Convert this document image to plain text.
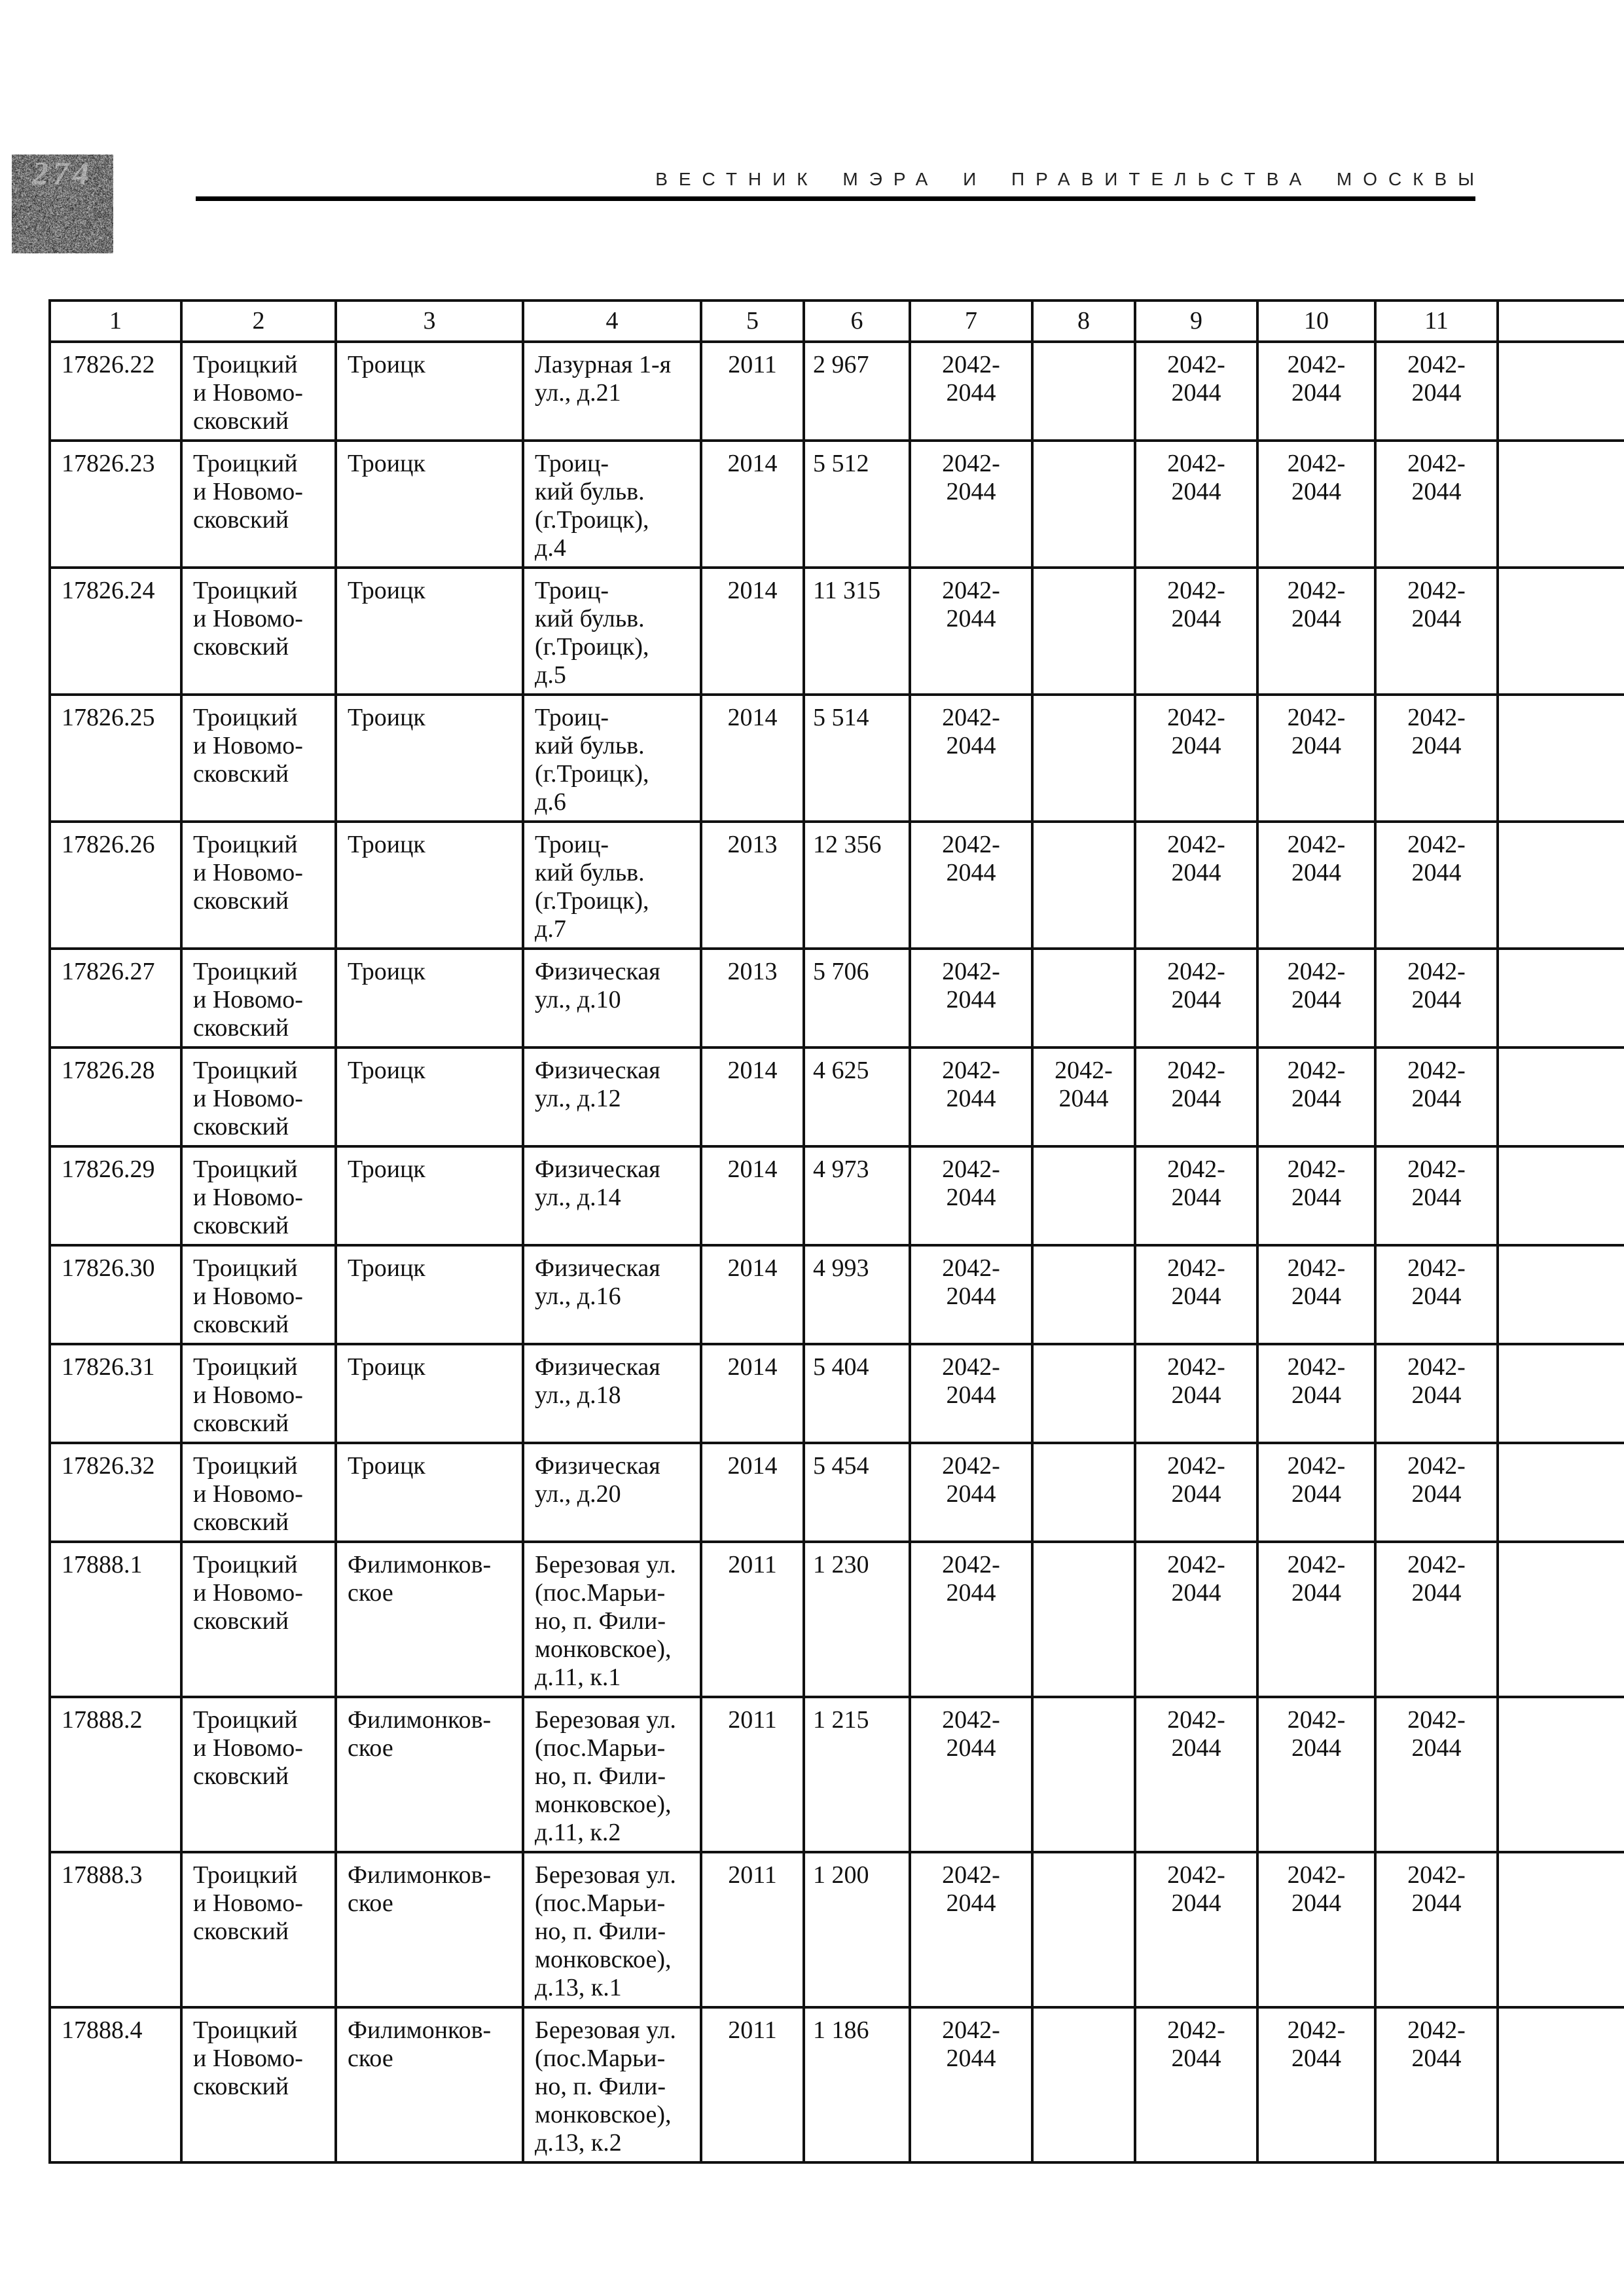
274	ВЕСТНИК МЭРА И ПРАВИТЕЛЬСТВА МОСКВЫ
1	2	3	4	5	6	7	8	9	10	11	
17826.22	Троицкий
и Новомо-
сковский	Троицк	Лазурная 1-я
ул., д.21	2011	2 967	2042-
2044		2042-
2044	2042-
2044	2042-
2044	
17826.23	Троицкий
и Новомо-
сковский	Троицк	Троиц-
кий бульв.
(г.Троицк),
д.4	2014	5 512	2042-
2044		2042-
2044	2042-
2044	2042-
2044	
17826.24	Троицкий
и Новомо-
сковский	Троицк	Троиц-
кий бульв.
(г.Троицк),
д.5	2014	11 315	2042-
2044		2042-
2044	2042-
2044	2042-
2044	
17826.25	Троицкий
и Новомо-
сковский	Троицк	Троиц-
кий бульв.
(г.Троицк),
д.6	2014	5 514	2042-
2044		2042-
2044	2042-
2044	2042-
2044	
17826.26	Троицкий
и Новомо-
сковский	Троицк	Троиц-
кий бульв.
(г.Троицк),
д.7	2013	12 356	2042-
2044		2042-
2044	2042-
2044	2042-
2044	
17826.27	Троицкий
и Новомо-
сковский	Троицк	Физическая
ул., д.10	2013	5 706	2042-
2044		2042-
2044	2042-
2044	2042-
2044	
17826.28	Троицкий
и Новомо-
сковский	Троицк	Физическая
ул., д.12	2014	4 625	2042-
2044	2042-
2044	2042-
2044	2042-
2044	2042-
2044	
17826.29	Троицкий
и Новомо-
сковский	Троицк	Физическая
ул., д.14	2014	4 973	2042-
2044		2042-
2044	2042-
2044	2042-
2044	
17826.30	Троицкий
и Новомо-
сковский	Троицк	Физическая
ул., д.16	2014	4 993	2042-
2044		2042-
2044	2042-
2044	2042-
2044	
17826.31	Троицкий
и Новомо-
сковский	Троицк	Физическая
ул., д.18	2014	5 404	2042-
2044		2042-
2044	2042-
2044	2042-
2044	
17826.32	Троицкий
и Новомо-
сковский	Троицк	Физическая
ул., д.20	2014	5 454	2042-
2044		2042-
2044	2042-
2044	2042-
2044	
17888.1	Троицкий
и Новомо-
сковский	Филимонков-
ское	Березовая ул.
(пос.Марьи-
но, п. Фили-
монковское),
д.11, к.1	2011	1 230	2042-
2044		2042-
2044	2042-
2044	2042-
2044	
17888.2	Троицкий
и Новомо-
сковский	Филимонков-
ское	Березовая ул.
(пос.Марьи-
но, п. Фили-
монковское),
д.11, к.2	2011	1 215	2042-
2044		2042-
2044	2042-
2044	2042-
2044	
17888.3	Троицкий
и Новомо-
сковский	Филимонков-
ское	Березовая ул.
(пос.Марьи-
но, п. Фили-
монковское),
д.13, к.1	2011	1 200	2042-
2044		2042-
2044	2042-
2044	2042-
2044	
17888.4	Троицкий
и Новомо-
сковский	Филимонков-
ское	Березовая ул.
(пос.Марьи-
но, п. Фили-
монковское),
д.13, к.2	2011	1 186	2042-
2044		2042-
2044	2042-
2044	2042-
2044	
